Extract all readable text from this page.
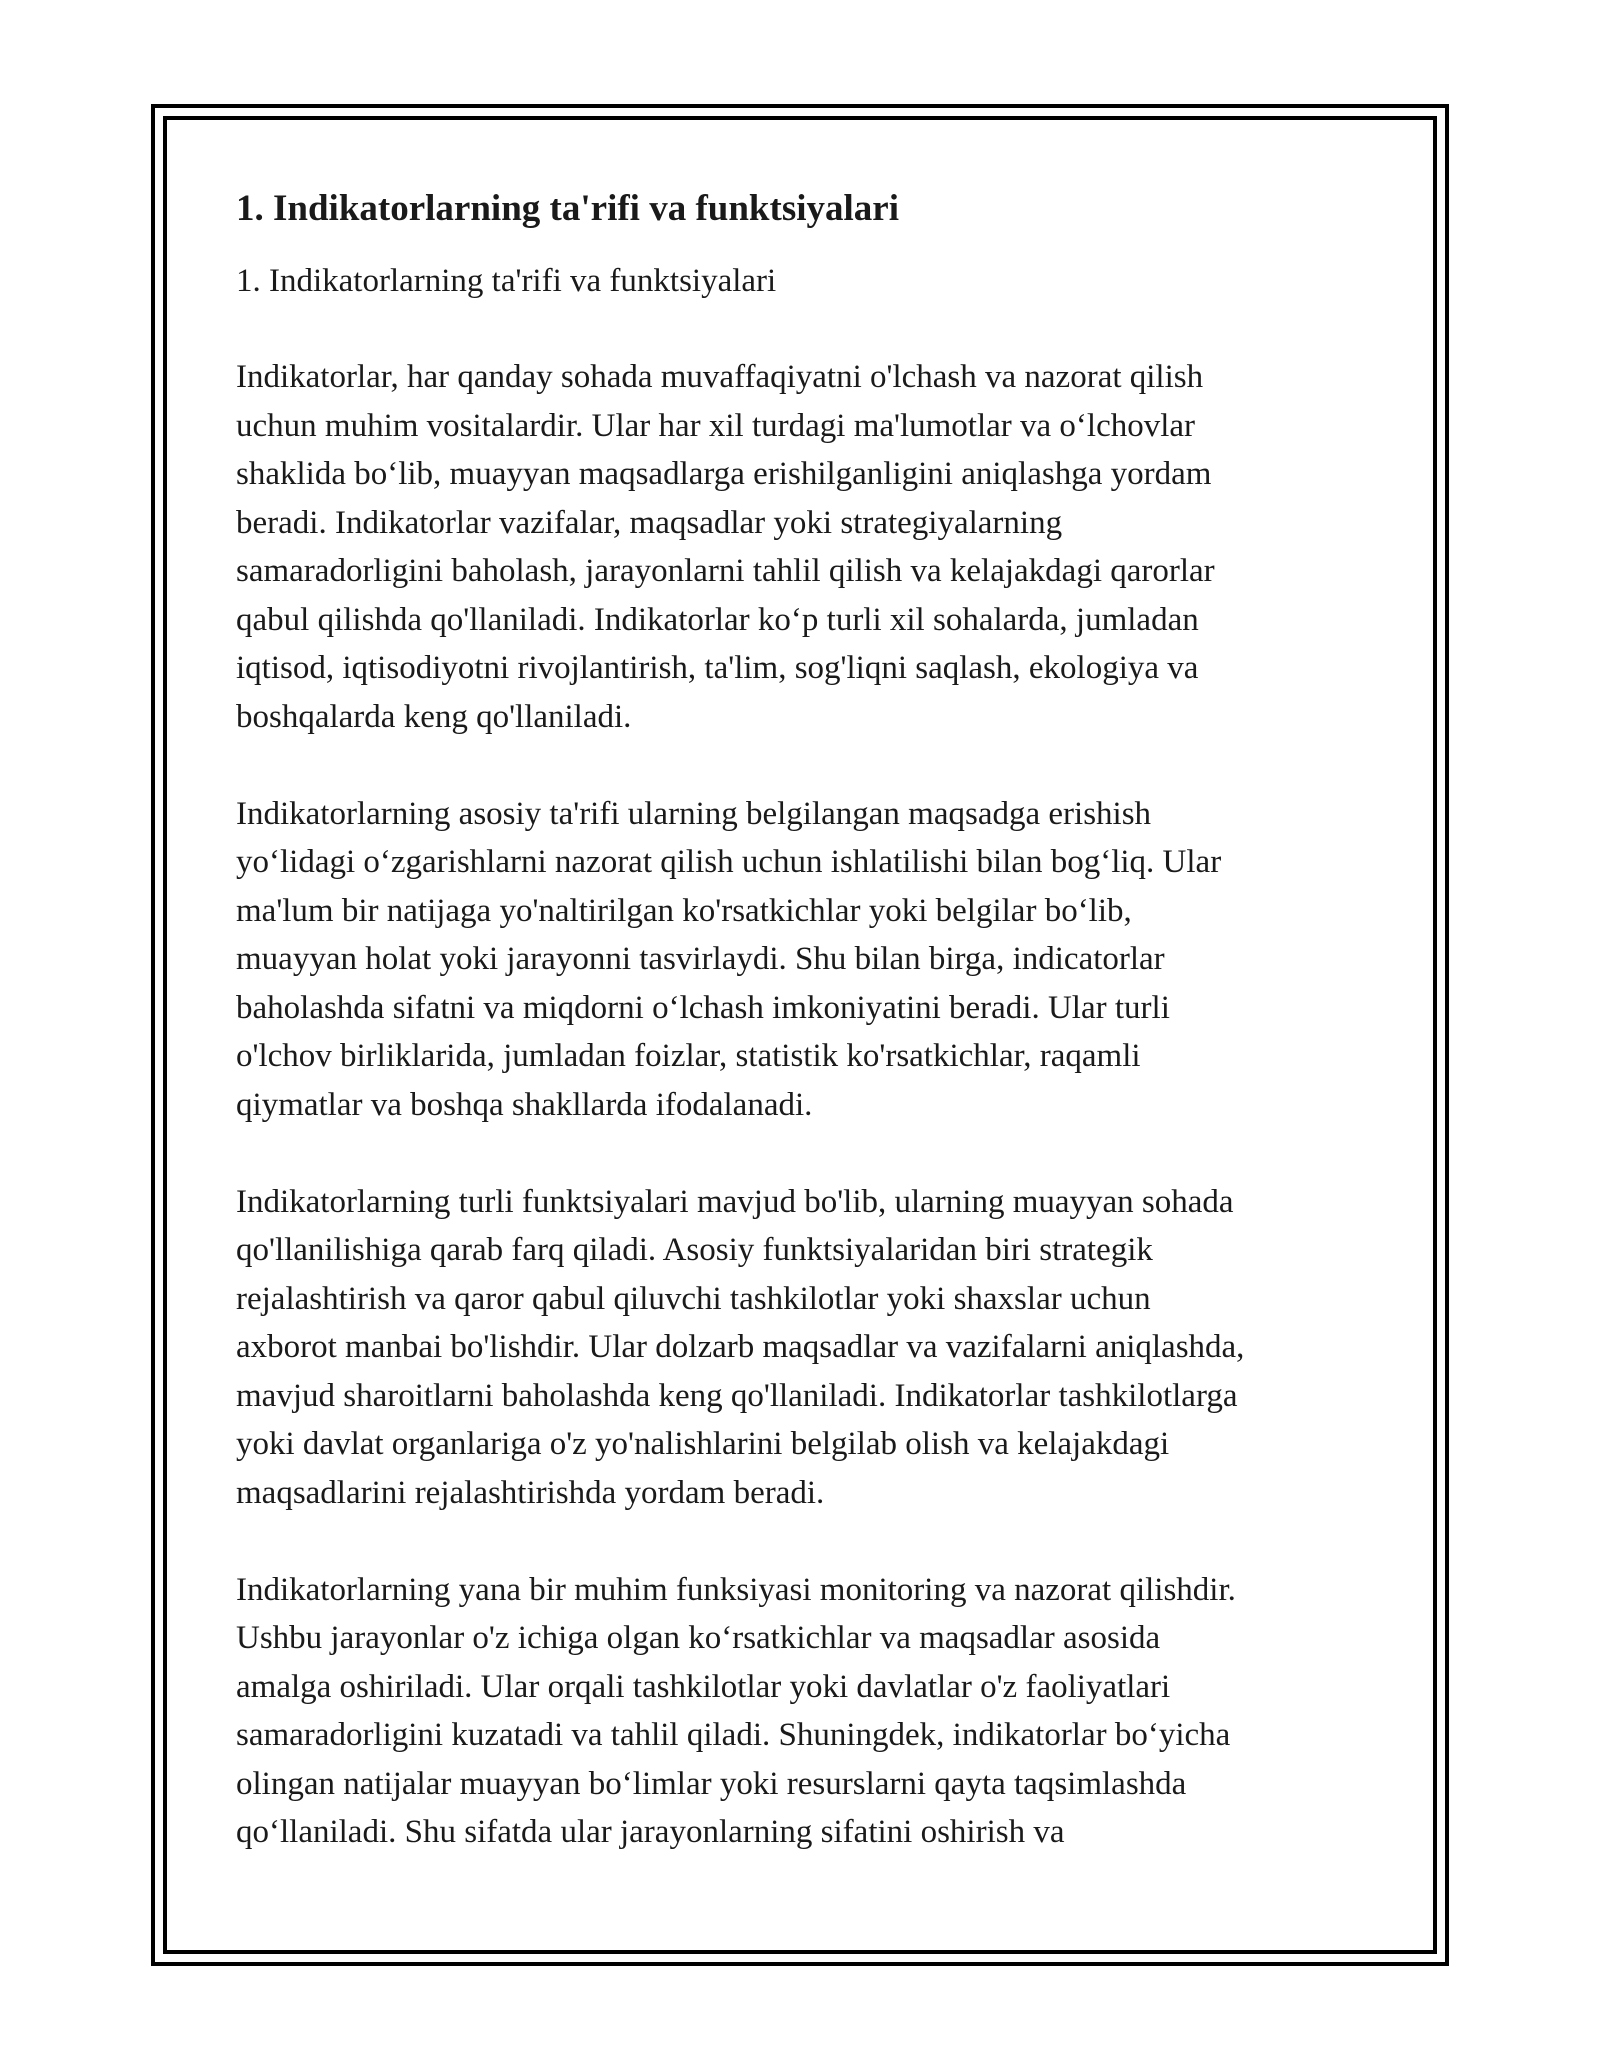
1. Indikatorlarning ta'rifi va funktsiyalari
1. Indikatorlarning ta'rifi va funktsiyalari

Indikatorlar, har qanday sohada muvaffaqiyatni o'lchash va nazorat qilish
uchun muhim vositalardir. Ular har xil turdagi ma'lumotlar va o‘lchovlar
shaklida bo‘lib, muayyan maqsadlarga erishilganligini aniqlashga yordam
beradi. Indikatorlar vazifalar, maqsadlar yoki strategiyalarning
samaradorligini baholash, jarayonlarni tahlil qilish va kelajakdagi qarorlar
qabul qilishda qo'llaniladi. Indikatorlar ko‘p turli xil sohalarda, jumladan
iqtisod, iqtisodiyotni rivojlantirish, ta'lim, sog'liqni saqlash, ekologiya va
boshqalarda keng qo'llaniladi.

Indikatorlarning asosiy ta'rifi ularning belgilangan maqsadga erishish
yo‘lidagi o‘zgarishlarni nazorat qilish uchun ishlatilishi bilan bog‘liq. Ular
ma'lum bir natijaga yo'naltirilgan ko'rsatkichlar yoki belgilar bo‘lib,
muayyan holat yoki jarayonni tasvirlaydi. Shu bilan birga, indicatorlar
baholashda sifatni va miqdorni o‘lchash imkoniyatini beradi. Ular turli
o'lchov birliklarida, jumladan foizlar, statistik ko'rsatkichlar, raqamli
qiymatlar va boshqa shakllarda ifodalanadi.

Indikatorlarning turli funktsiyalari mavjud bo'lib, ularning muayyan sohada
qo'llanilishiga qarab farq qiladi. Asosiy funktsiyalaridan biri strategik
rejalashtirish va qaror qabul qiluvchi tashkilotlar yoki shaxslar uchun
axborot manbai bo'lishdir. Ular dolzarb maqsadlar va vazifalarni aniqlashda,
mavjud sharoitlarni baholashda keng qo'llaniladi. Indikatorlar tashkilotlarga
yoki davlat organlariga o'z yo'nalishlarini belgilab olish va kelajakdagi
maqsadlarini rejalashtirishda yordam beradi.

Indikatorlarning yana bir muhim funksiyasi monitoring va nazorat qilishdir.
Ushbu jarayonlar o'z ichiga olgan ko‘rsatkichlar va maqsadlar asosida
amalga oshiriladi. Ular orqali tashkilotlar yoki davlatlar o'z faoliyatlari
samaradorligini kuzatadi va tahlil qiladi. Shuningdek, indikatorlar bo‘yicha
olingan natijalar muayyan bo‘limlar yoki resurslarni qayta taqsimlashda
qo‘llaniladi. Shu sifatda ular jarayonlarning sifatini oshirish va
